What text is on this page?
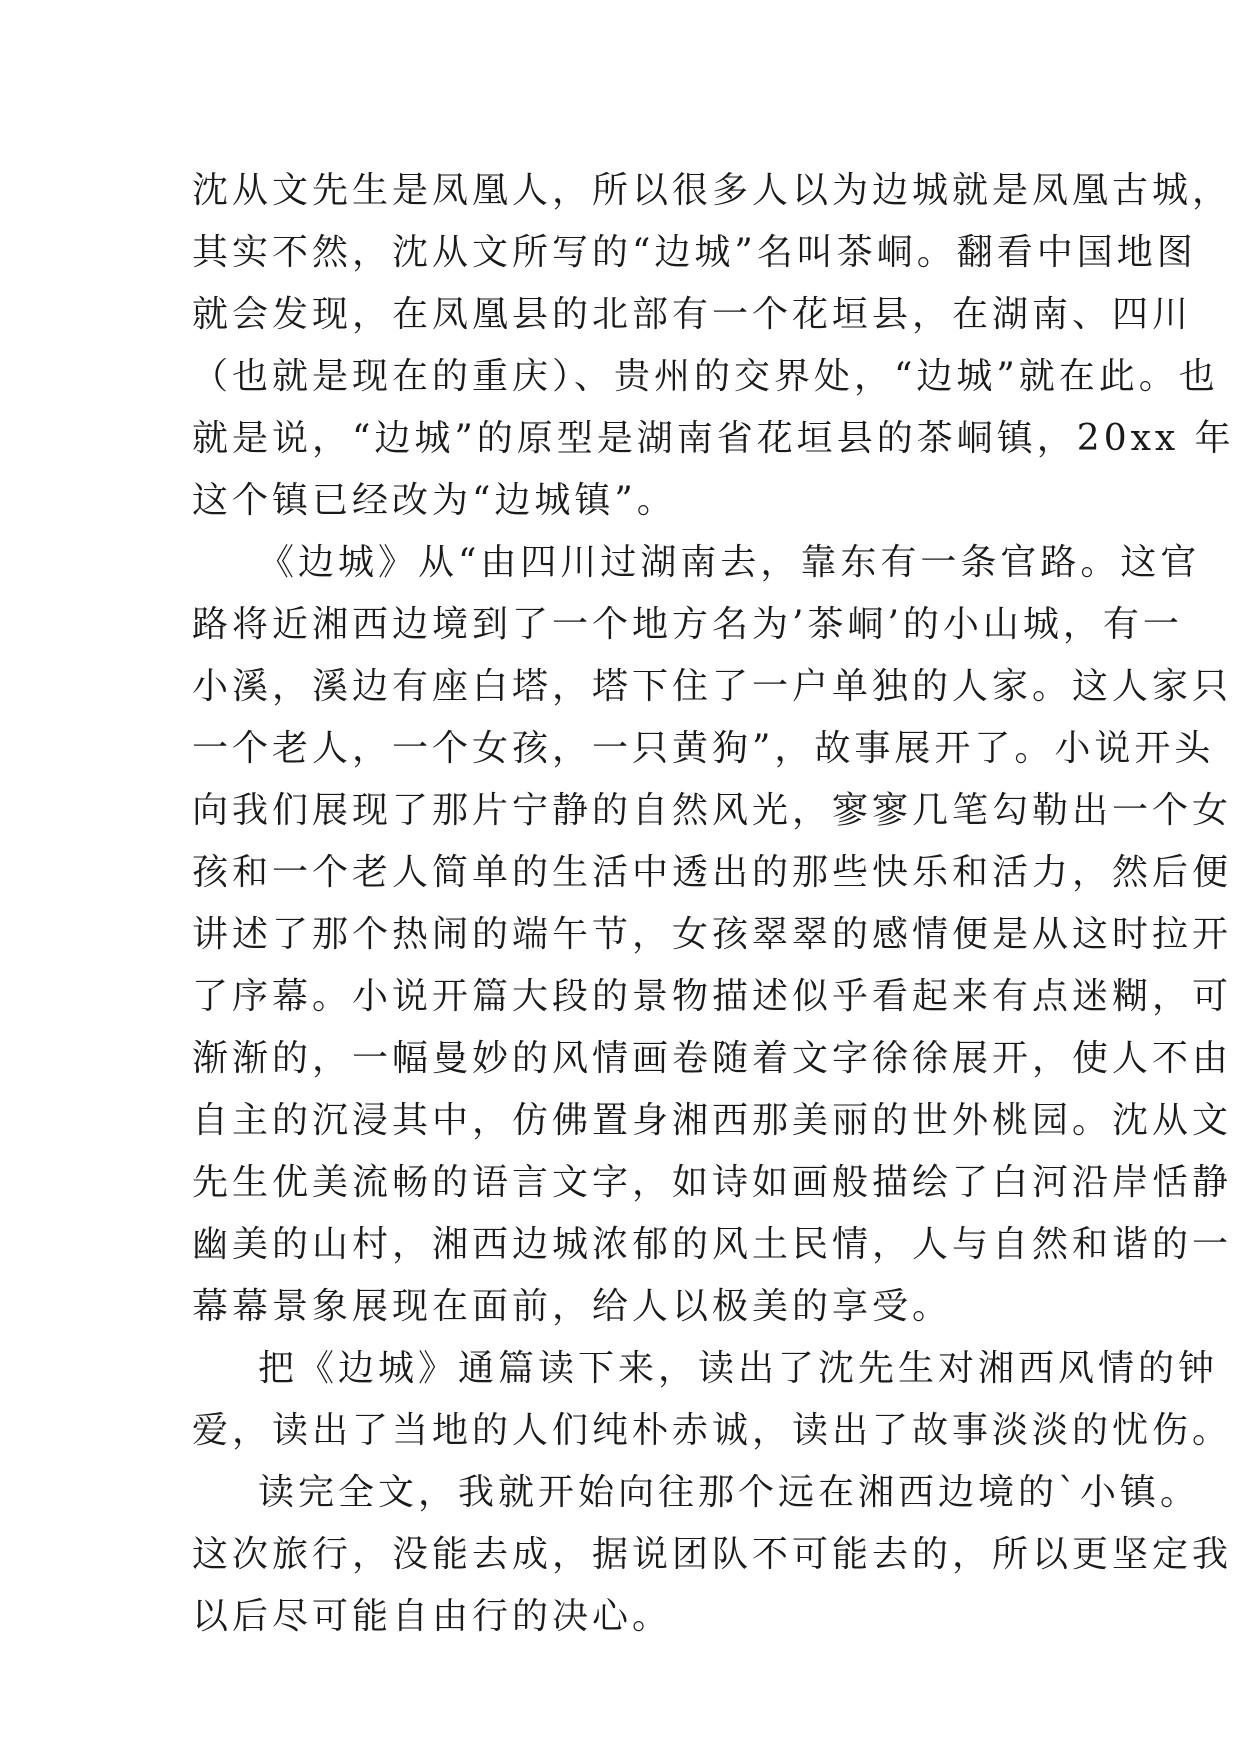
沈从文先生是凤凰人，所以很多人以为边城就是凤凰古城，
其实不然，沈从文所写的“边城”名叫茶峒。翻看中国地图
就会发现，在凤凰县的北部有一个花垣县，在湖南、四川
（也就是现在的重庆）、贵州的交界处，“边城”就在此。也
就是说，“边城”的原型是湖南省花垣县的茶峒镇，20xx 年
这个镇已经改为“边城镇”。
《边城》从“由四川过湖南去，靠东有一条官路。这官
路将近湘西边境到了一个地方名为’茶峒’的小山城，有一
小溪，溪边有座白塔，塔下住了一户单独的人家。这人家只
一个老人，一个女孩，一只黄狗”，故事展开了。小说开头
向我们展现了那片宁静的自然风光，寥寥几笔勾勒出一个女
孩和一个老人简单的生活中透出的那些快乐和活力，然后便
讲述了那个热闹的端午节，女孩翠翠的感情便是从这时拉开
了序幕。小说开篇大段的景物描述似乎看起来有点迷糊，可
渐渐的，一幅曼妙的风情画卷随着文字徐徐展开，使人不由
自主的沉浸其中，仿佛置身湘西那美丽的世外桃园。沈从文
先生优美流畅的语言文字，如诗如画般描绘了白河沿岸恬静
幽美的山村，湘西边城浓郁的风土民情，人与自然和谐的一
幕幕景象展现在面前，给人以极美的享受。
把《边城》通篇读下来，读出了沈先生对湘西风情的钟
爱，读出了当地的人们纯朴赤诚，读出了故事淡淡的忧伤。
读完全文，我就开始向往那个远在湘西边境的`小镇。
这次旅行，没能去成，据说团队不可能去的，所以更坚定我
以后尽可能自由行的决心。
